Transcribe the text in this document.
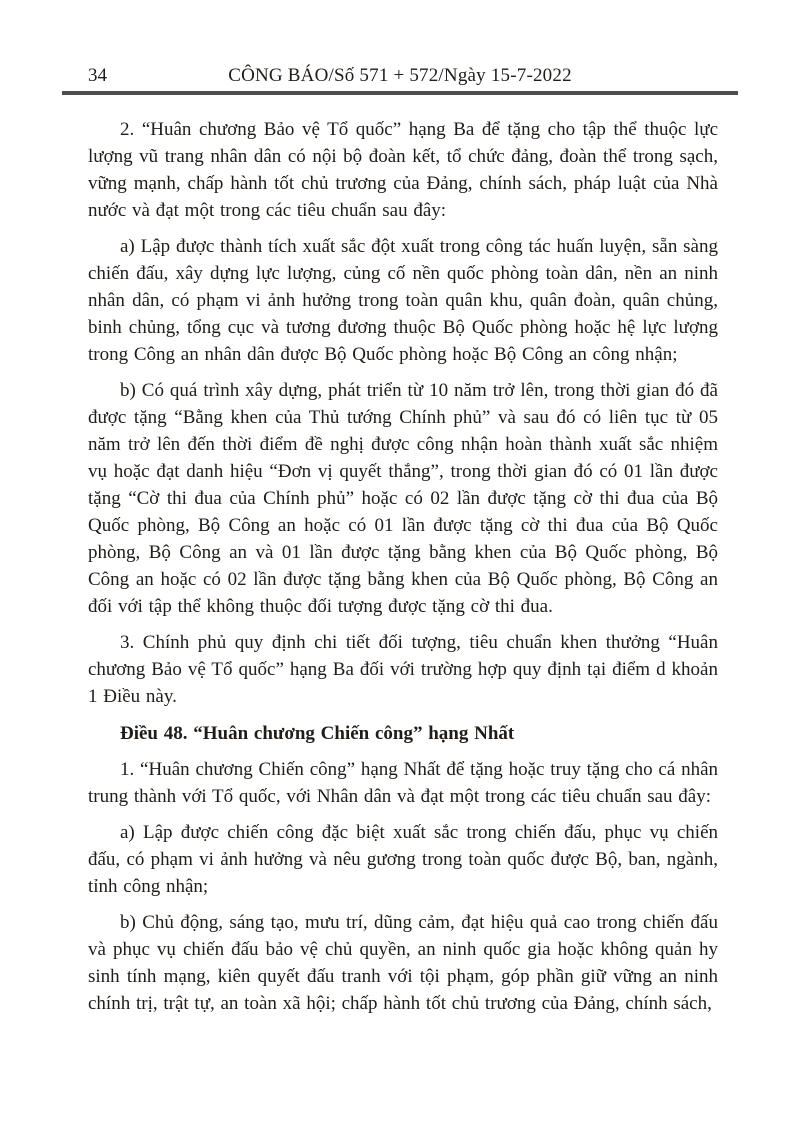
34	CÔNG BÁO/Số 571 + 572/Ngày 15-7-2022

2. “Huân chương Bảo vệ Tổ quốc” hạng Ba để tặng cho tập thể thuộc lực lượng vũ trang nhân dân có nội bộ đoàn kết, tổ chức đảng, đoàn thể trong sạch, vững mạnh, chấp hành tốt chủ trương của Đảng, chính sách, pháp luật của Nhà nước và đạt một trong các tiêu chuẩn sau đây:

a) Lập được thành tích xuất sắc đột xuất trong công tác huấn luyện, sẵn sàng chiến đấu, xây dựng lực lượng, củng cố nền quốc phòng toàn dân, nền an ninh nhân dân, có phạm vi ảnh hưởng trong toàn quân khu, quân đoàn, quân chủng, binh chủng, tổng cục và tương đương thuộc Bộ Quốc phòng hoặc hệ lực lượng trong Công an nhân dân được Bộ Quốc phòng hoặc Bộ Công an công nhận;

b) Có quá trình xây dựng, phát triển từ 10 năm trở lên, trong thời gian đó đã được tặng “Bằng khen của Thủ tướng Chính phủ” và sau đó có liên tục từ 05 năm trở lên đến thời điểm đề nghị được công nhận hoàn thành xuất sắc nhiệm vụ hoặc đạt danh hiệu “Đơn vị quyết thắng”, trong thời gian đó có 01 lần được tặng “Cờ thi đua của Chính phủ” hoặc có 02 lần được tặng cờ thi đua của Bộ Quốc phòng, Bộ Công an hoặc có 01 lần được tặng cờ thi đua của Bộ Quốc phòng, Bộ Công an và 01 lần được tặng bằng khen của Bộ Quốc phòng, Bộ Công an hoặc có 02 lần được tặng bằng khen của Bộ Quốc phòng, Bộ Công an đối với tập thể không thuộc đối tượng được tặng cờ thi đua.

3. Chính phủ quy định chi tiết đối tượng, tiêu chuẩn khen thưởng “Huân chương Bảo vệ Tổ quốc” hạng Ba đối với trường hợp quy định tại điểm d khoản 1 Điều này.

Điều 48. “Huân chương Chiến công” hạng Nhất

1. “Huân chương Chiến công” hạng Nhất để tặng hoặc truy tặng cho cá nhân trung thành với Tổ quốc, với Nhân dân và đạt một trong các tiêu chuẩn sau đây:

a) Lập được chiến công đặc biệt xuất sắc trong chiến đấu, phục vụ chiến đấu, có phạm vi ảnh hưởng và nêu gương trong toàn quốc được Bộ, ban, ngành, tỉnh công nhận;

b) Chủ động, sáng tạo, mưu trí, dũng cảm, đạt hiệu quả cao trong chiến đấu và phục vụ chiến đấu bảo vệ chủ quyền, an ninh quốc gia hoặc không quản hy sinh tính mạng, kiên quyết đấu tranh với tội phạm, góp phần giữ vững an ninh chính trị, trật tự, an toàn xã hội; chấp hành tốt chủ trương của Đảng, chính sách,
